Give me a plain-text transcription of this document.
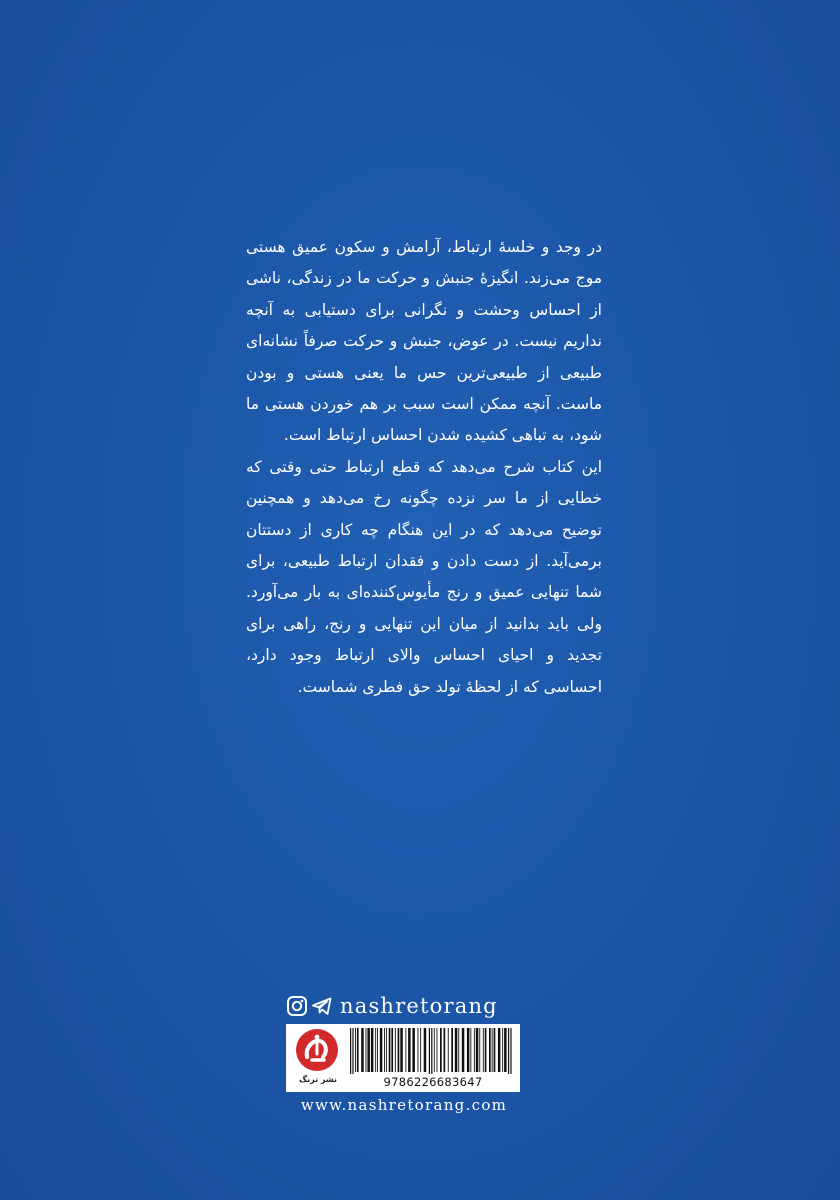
در وجد و خلسهٔ ارتباط، آرامش و سکون عمیق هستی موج می‌زند. انگیزهٔ جنبش و حرکت ما در زندگی، ناشی از احساس وحشت و نگرانی برای دستیابی به آنچه نداریم نیست. در عوض، جنبش و حرکت صرفاً نشانه‌ای طبیعی از طبیعی‌ترین حس ما یعنی هستی و بودن ماست. آنچه ممکن است سبب بر هم خوردن هستی ما شود، به تباهی کشیده شدن احساس ارتباط است.

این کتاب شرح می‌دهد که قطع ارتباط حتی وقتی که خطایی از ما سر نزده چگونه رخ می‌دهد و همچنین توضیح می‌دهد که در این هنگام چه کاری از دستتان برمی‌آید. از دست دادن و فقدان ارتباط طبیعی، برای شما تنهایی عمیق و رنج مأیوس‌کننده‌ای به بار می‌آورد. ولی باید بدانید از میان این تنهایی و رنج، راهی برای تجدید و احیای احساس والای ارتباط وجود دارد، احساسی که از لحظهٔ تولد حق فطری شماست.

nashretorang
نشر ترنگ	9786226683647
www.nashretorang.com
